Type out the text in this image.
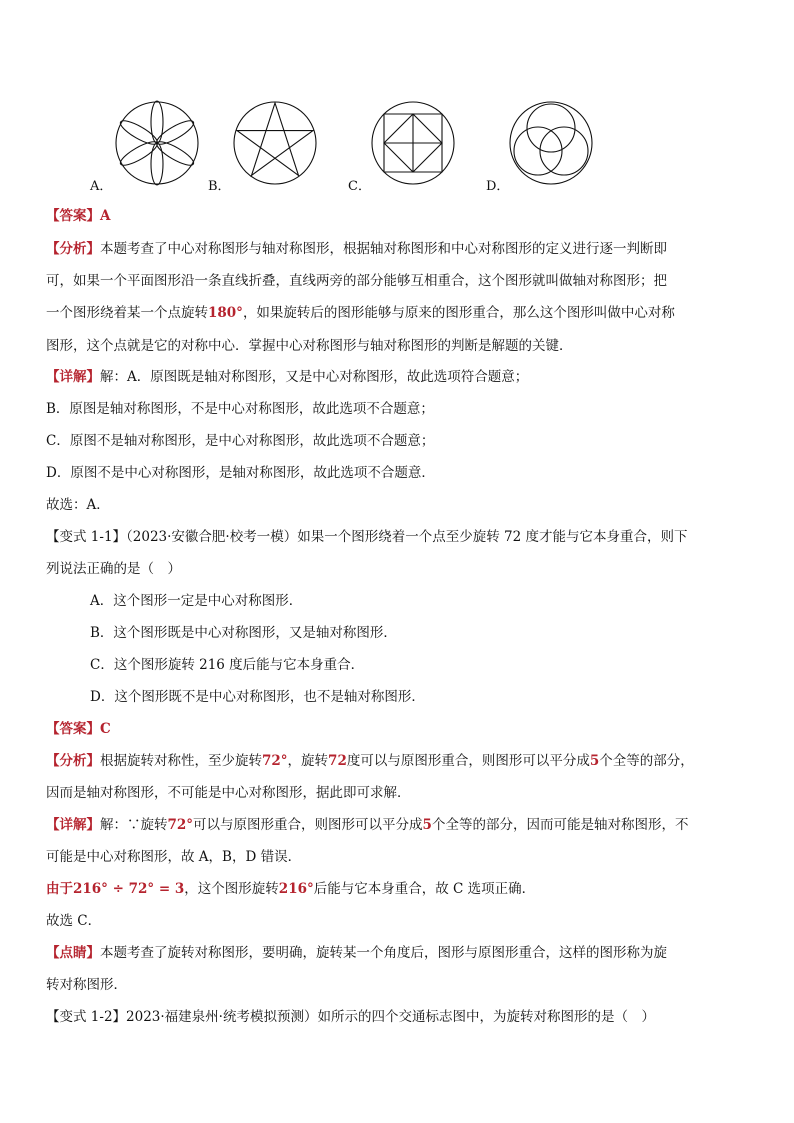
A．	B．	C．	D．
【答案】A
【分析】本题考查了中心对称图形与轴对称图形，根据轴对称图形和中心对称图形的定义进行逐一判断即
可，如果一个平面图形沿一条直线折叠，直线两旁的部分能够互相重合，这个图形就叫做轴对称图形；把
一个图形绕着某一个点旋转180°，如果旋转后的图形能够与原来的图形重合，那么这个图形叫做中心对称
图形，这个点就是它的对称中心．掌握中心对称图形与轴对称图形的判断是解题的关键．
【详解】解：A．原图既是轴对称图形，又是中心对称图形，故此选项符合题意；
B．原图是轴对称图形，不是中心对称图形，故此选项不合题意；
C．原图不是轴对称图形，是中心对称图形，故此选项不合题意；
D．原图不是中心对称图形，是轴对称图形，故此选项不合题意．
故选：A．
【变式 1-1】（2023·安徽合肥·校考一模）如果一个图形绕着一个点至少旋转 72 度才能与它本身重合，则下
列说法正确的是（　）
A．这个图形一定是中心对称图形．
B．这个图形既是中心对称图形，又是轴对称图形．
C．这个图形旋转 216 度后能与它本身重合．
D．这个图形既不是中心对称图形，也不是轴对称图形．
【答案】C
【分析】根据旋转对称性，至少旋转72°，旋转72度可以与原图形重合，则图形可以平分成5个全等的部分，
因而是轴对称图形，不可能是中心对称图形，据此即可求解．
【详解】解：∵旋转72°可以与原图形重合，则图形可以平分成5个全等的部分，因而可能是轴对称图形，不
可能是中心对称图形，故 A，B，D 错误．
由于216° ÷ 72° = 3，这个图形旋转216°后能与它本身重合，故 C 选项正确．
故选 C．
【点睛】本题考查了旋转对称图形，要明确，旋转某一个角度后，图形与原图形重合，这样的图形称为旋
转对称图形．
【变式 1-2】2023·福建泉州·统考模拟预测）如所示的四个交通标志图中，为旋转对称图形的是（　）
